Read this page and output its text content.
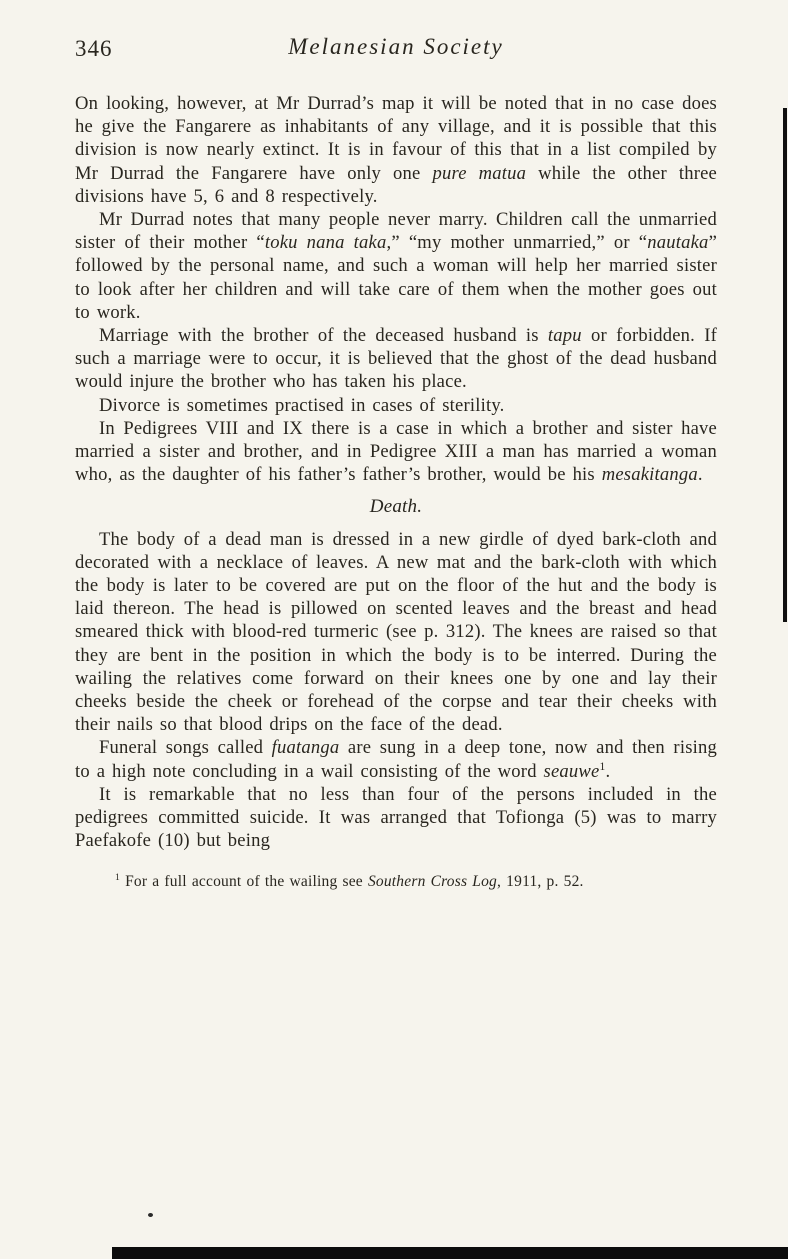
346	Melanesian Society

On looking, however, at Mr Durrad’s map it will be noted that in no case does he give the Fangarere as inhabitants of any village, and it is possible that this division is now nearly extinct. It is in favour of this that in a list compiled by Mr Durrad the Fangarere have only one pure matua while the other three divisions have 5, 6 and 8 respectively.

Mr Durrad notes that many people never marry. Children call the unmarried sister of their mother “toku nana taka,” “my mother unmarried,” or “nautaka” followed by the personal name, and such a woman will help her married sister to look after her children and will take care of them when the mother goes out to work.

Marriage with the brother of the deceased husband is tapu or forbidden. If such a marriage were to occur, it is believed that the ghost of the dead husband would injure the brother who has taken his place.

Divorce is sometimes practised in cases of sterility.

In Pedigrees VIII and IX there is a case in which a brother and sister have married a sister and brother, and in Pedigree XIII a man has married a woman who, as the daughter of his father’s father’s brother, would be his mesakitanga.

Death.

The body of a dead man is dressed in a new girdle of dyed bark-cloth and decorated with a necklace of leaves. A new mat and the bark-cloth with which the body is later to be covered are put on the floor of the hut and the body is laid thereon. The head is pillowed on scented leaves and the breast and head smeared thick with blood-red turmeric (see p. 312). The knees are raised so that they are bent in the position in which the body is to be interred. During the wailing the relatives come forward on their knees one by one and lay their cheeks beside the cheek or forehead of the corpse and tear their cheeks with their nails so that blood drips on the face of the dead.

Funeral songs called fuatanga are sung in a deep tone, now and then rising to a high note concluding in a wail consisting of the word seauwe$^1$.

It is remarkable that no less than four of the persons included in the pedigrees committed suicide. It was arranged that Tofionga (5) was to marry Paefakofe (10) but being

$^1$ For a full account of the wailing see Southern Cross Log, 1911, p. 52.
